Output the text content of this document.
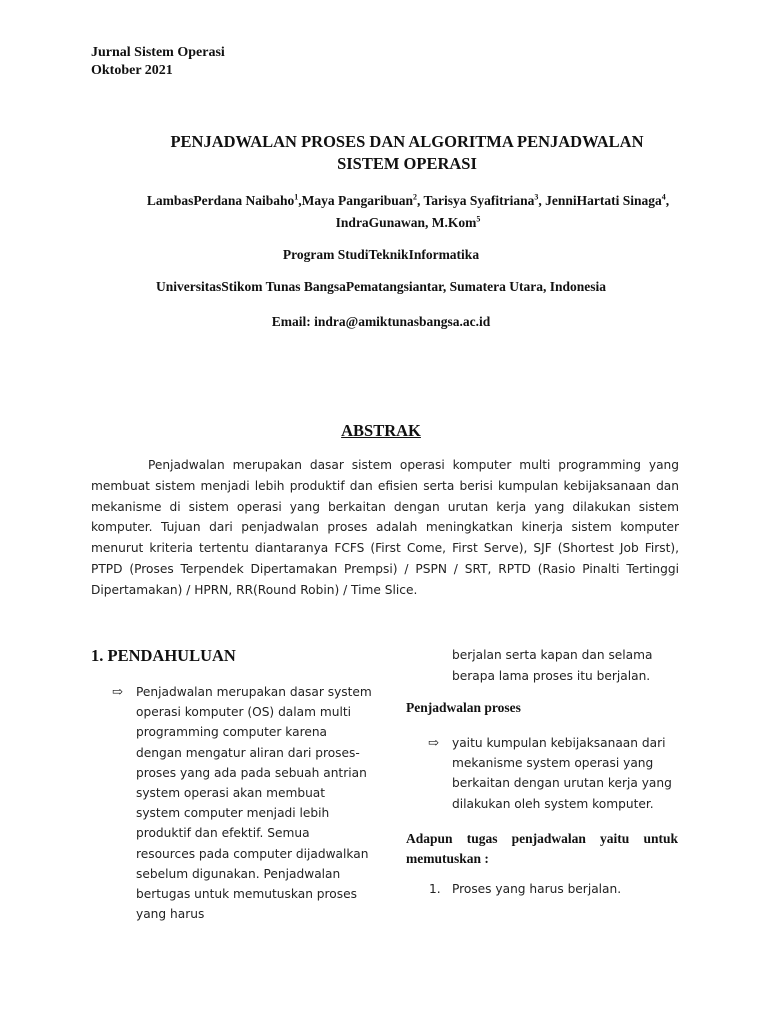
Jurnal Sistem Operasi
Oktober 2021
PENJADWALAN PROSES DAN ALGORITMA PENJADWALAN
SISTEM OPERASI
LambasPerdana Naibaho$^1$,Maya Pangaribuan$^2$, Tarisya Syafitriana$^3$, JenniHartati Sinaga$^4$, IndraGunawan, M.Kom$^5$
Program StudiTeknikInformatika
UniversitasStikom Tunas BangsaPematangsiantar, Sumatera Utara, Indonesia
Email: indra@amiktunasbangsa.ac.id
ABSTRAK
Penjadwalan merupakan dasar sistem operasi komputer multi programming yang membuat sistem menjadi lebih produktif dan efisien serta berisi kumpulan kebijaksanaan dan mekanisme di sistem operasi yang berkaitan dengan urutan kerja yang dilakukan sistem komputer. Tujuan dari penjadwalan proses adalah meningkatkan kinerja sistem komputer menurut kriteria tertentu diantaranya FCFS (First Come, First Serve), SJF (Shortest Job First), PTPD (Proses Terpendek Dipertamakan Prempsi) / PSPN / SRT, RPTD (Rasio Pinalti Tertinggi Dipertamakan) / HPRN, RR(Round Robin) / Time Slice.
1. PENDAHULUAN
⇨	Penjadwalan merupakan dasar system operasi komputer (OS) dalam multi programming computer karena dengan mengatur aliran dari proses-proses yang ada pada sebuah antrian system operasi akan membuat system computer menjadi lebih produktif dan efektif. Semua resources pada computer dijadwalkan sebelum digunakan. Penjadwalan bertugas untuk memutuskan proses yang harus
berjalan serta kapan dan selama berapa lama proses itu berjalan.
Penjadwalan proses
⇨	yaitu kumpulan kebijaksanaan dari mekanisme system operasi yang berkaitan dengan urutan kerja yang dilakukan oleh system komputer.
Adapun tugas penjadwalan yaitu untuk memutuskan :
1. Proses yang harus berjalan.
